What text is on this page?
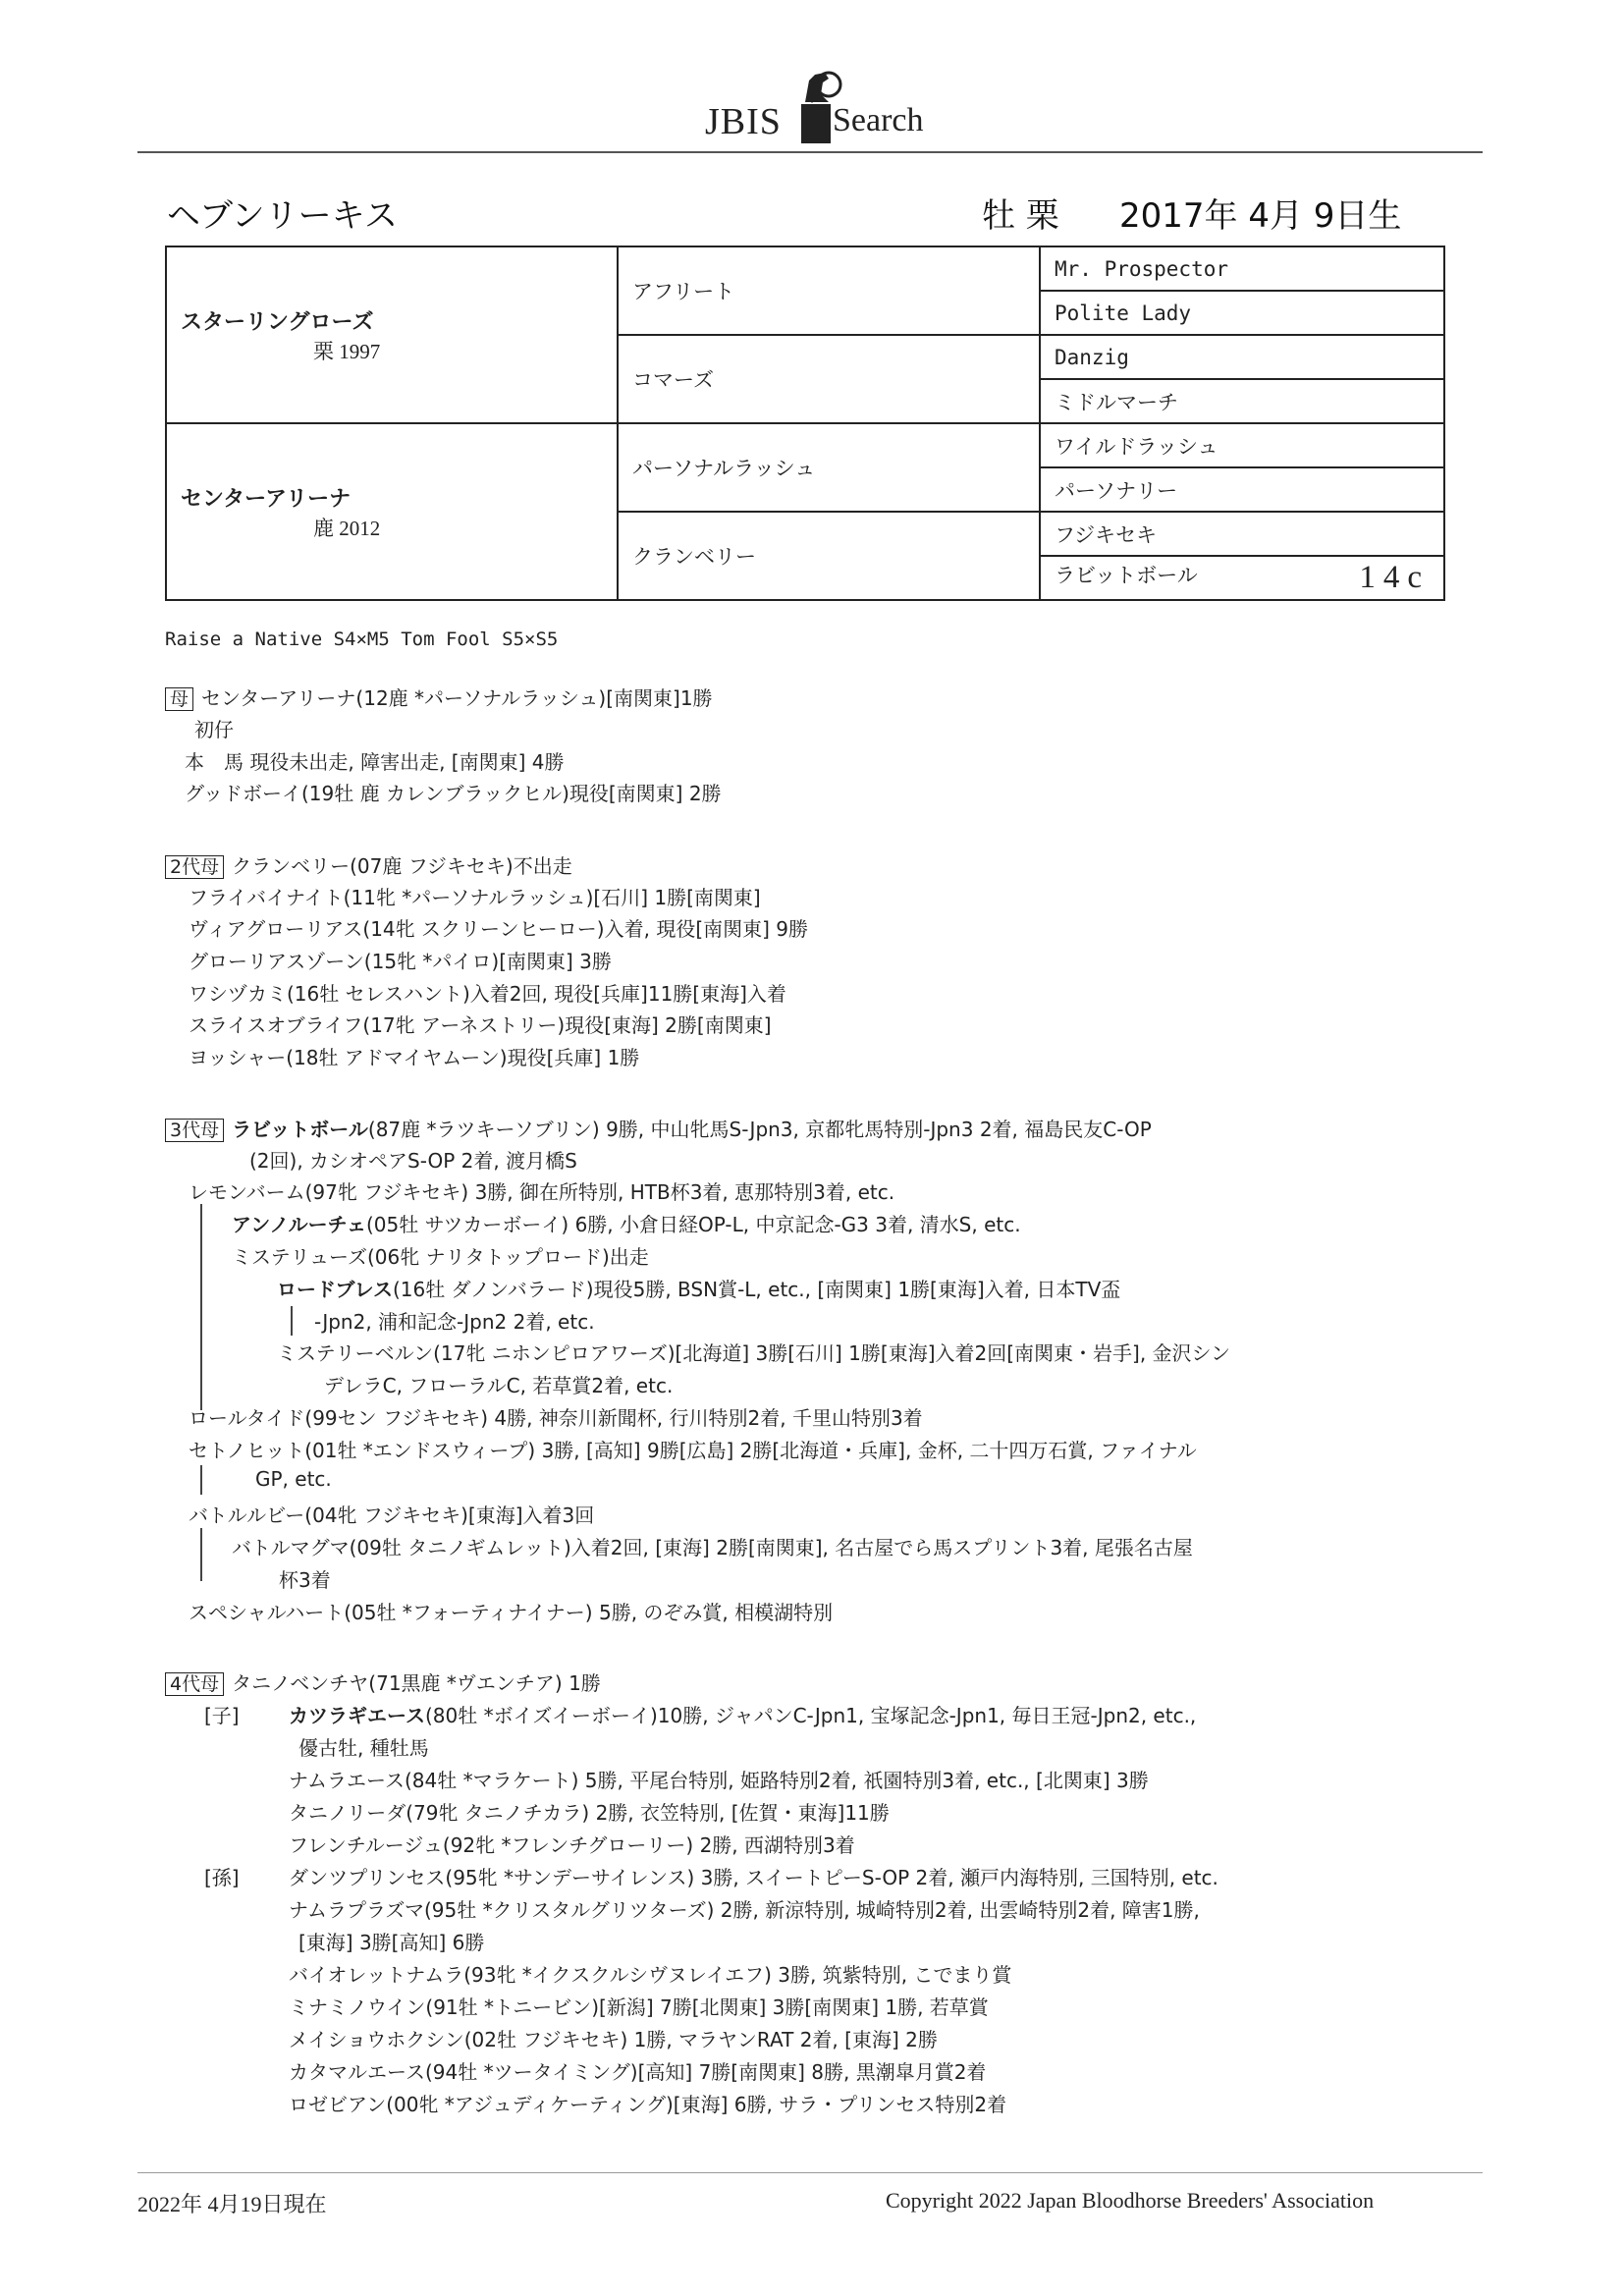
JBIS Search
ヘブンリーキス	牡 栗 2017年 4月 9日生
スターリングローズ
栗 1997	アフリート	Mr. Prospector
		Polite Lady
	コマーズ	Danzig
		ミドルマーチ

センターアリーナ
鹿 2012	パーソナルラッシュ	ワイルドラッシュ
		パーソナリー
	クランベリー	フジキセキ
		ラビットボール 14c
Raise a Native S4×M5 Tom Fool S5×S5
母 センターアリーナ(12鹿 *パーソナルラッシュ)[南関東]1勝
初仔
本　馬 現役未出走, 障害出走, [南関東] 4勝
グッドボーイ(19牡 鹿 カレンブラックヒル)現役[南関東] 2勝
2代母 クランベリー(07鹿 フジキセキ)不出走
フライバイナイト(11牝 *パーソナルラッシュ)[石川] 1勝[南関東]
ヴィアグローリアス(14牝 スクリーンヒーロー)入着, 現役[南関東] 9勝
グローリアスゾーン(15牝 *パイロ)[南関東] 3勝
ワシヅカミ(16牡 セレスハント)入着2回, 現役[兵庫]11勝[東海]入着
スライスオブライフ(17牝 アーネストリー)現役[東海] 2勝[南関東]
ヨッシャー(18牡 アドマイヤムーン)現役[兵庫] 1勝
3代母 ラビットボール(87鹿 *ラツキーソブリン) 9勝, 中山牝馬S-Jpn3, 京都牝馬特別-Jpn3 2着, 福島民友C-OP
(2回), カシオペアS-OP 2着, 渡月橋S
レモンバーム(97牝 フジキセキ) 3勝, 御在所特別, HTB杯3着, 恵那特別3着, etc.
アンノルーチェ(05牡 サツカーボーイ) 6勝, 小倉日経OP-L, 中京記念-G3 3着, 清水S, etc.
ミステリューズ(06牝 ナリタトップロード)出走
ロードブレス(16牡 ダノンバラード)現役5勝, BSN賞-L, etc., [南関東] 1勝[東海]入着, 日本TV盃
-Jpn2, 浦和記念-Jpn2 2着, etc.
ミステリーベルン(17牝 ニホンピロアワーズ)[北海道] 3勝[石川] 1勝[東海]入着2回[南関東・岩手], 金沢シン
デレラC, フローラルC, 若草賞2着, etc.
ロールタイド(99セン フジキセキ) 4勝, 神奈川新聞杯, 行川特別2着, 千里山特別3着
セトノヒット(01牡 *エンドスウィープ) 3勝, [高知] 9勝[広島] 2勝[北海道・兵庫], 金杯, 二十四万石賞, ファイナル
GP, etc.
バトルルビー(04牝 フジキセキ)[東海]入着3回
バトルマグマ(09牡 タニノギムレット)入着2回, [東海] 2勝[南関東], 名古屋でら馬スプリント3着, 尾張名古屋
杯3着
スペシャルハート(05牡 *フォーティナイナー) 5勝, のぞみ賞, 相模湖特別
4代母 タニノベンチヤ(71黒鹿 *ヴエンチア) 1勝
[子]	カツラギエース(80牡 *ボイズイーボーイ)10勝, ジャパンC-Jpn1, 宝塚記念-Jpn1, 毎日王冠-Jpn2, etc.,
優古牡, 種牡馬
ナムラエース(84牡 *マラケート) 5勝, 平尾台特別, 姫路特別2着, 祇園特別3着, etc., [北関東] 3勝
タニノリーダ(79牝 タニノチカラ) 2勝, 衣笠特別, [佐賀・東海]11勝
フレンチルージュ(92牝 *フレンチグローリー) 2勝, 西湖特別3着
[孫]	ダンツプリンセス(95牝 *サンデーサイレンス) 3勝, スイートピーS-OP 2着, 瀬戸内海特別, 三国特別, etc.
ナムラプラズマ(95牡 *クリスタルグリツターズ) 2勝, 新涼特別, 城崎特別2着, 出雲崎特別2着, 障害1勝,
[東海] 3勝[高知] 6勝
バイオレットナムラ(93牝 *イクスクルシヴヌレイエフ) 3勝, 筑紫特別, こでまり賞
ミナミノウイン(91牡 *トニービン)[新潟] 7勝[北関東] 3勝[南関東] 1勝, 若草賞
メイショウホクシン(02牡 フジキセキ) 1勝, マラヤンRAT 2着, [東海] 2勝
カタマルエース(94牡 *ツータイミング)[高知] 7勝[南関東] 8勝, 黒潮皐月賞2着
ロゼビアン(00牝 *アジュディケーティング)[東海] 6勝, サラ・プリンセス特別2着
2022年 4月19日現在	Copyright 2022 Japan Bloodhorse Breeders' Association
